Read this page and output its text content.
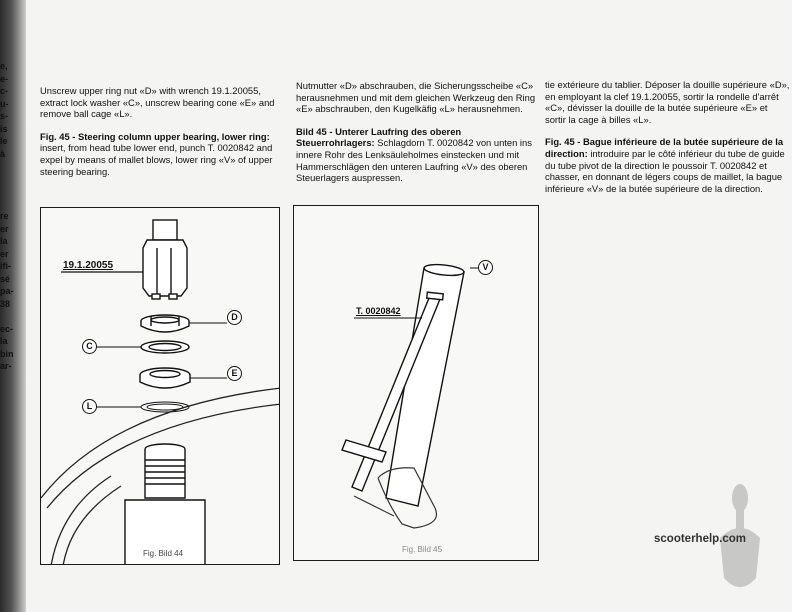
e,
e-
c-
u-
s-
is
le
à

re
er
la
er
ifi-
sé
pa-
38

ec-
la
bin
ar-

Unscrew upper ring nut «D» with wrench 19.1.20055, extract lock washer «C», unscrew bearing cone «E» and remove ball cage «L».

Fig. 45 - Steering column upper bearing, lower ring: insert, from head tube lower end, punch T. 0020842 and expel by means of mallet blows, lower ring «V» of upper steering bearing.

Nutmutter «D» abschrauben, die Sicherungsscheibe «C» herausnehmen und mit dem gleichen Werkzeug den Ring «E» abschrauben, den Kugelkäfig «L» herausnehmen.

Bild 45 - Unterer Laufring des oberen Steuerrohrlagers: Schlagdorn T. 0020842 von unten ins innere Rohr des Lenksäuleholmes einstecken und mit Hammerschlägen den unteren Laufring «V» des oberen Steuerlagers auspressen.

tie extérieure du tablier. Déposer la douille supérieure «D», en employant la clef 19.1.20055, sortir la rondelle d'arrêt «C», dévisser la douille de la butée supérieure «E» et sortir la cage à billes «L».

Fig. 45 - Bague inférieure de la butée supérieure de la direction: introduire par le côté inférieur du tube de guide du tube pivot de la direction le poussoir T. 0020842 et chasser, en donnant de légers coups de maillet, la bague inférieure «V» de la butée supérieure de la direction.

19.1.20055
D
C
E
L
Fig. Bild 44
T. 0020842
V
Fig. Bild 45
scooterhelp.com
